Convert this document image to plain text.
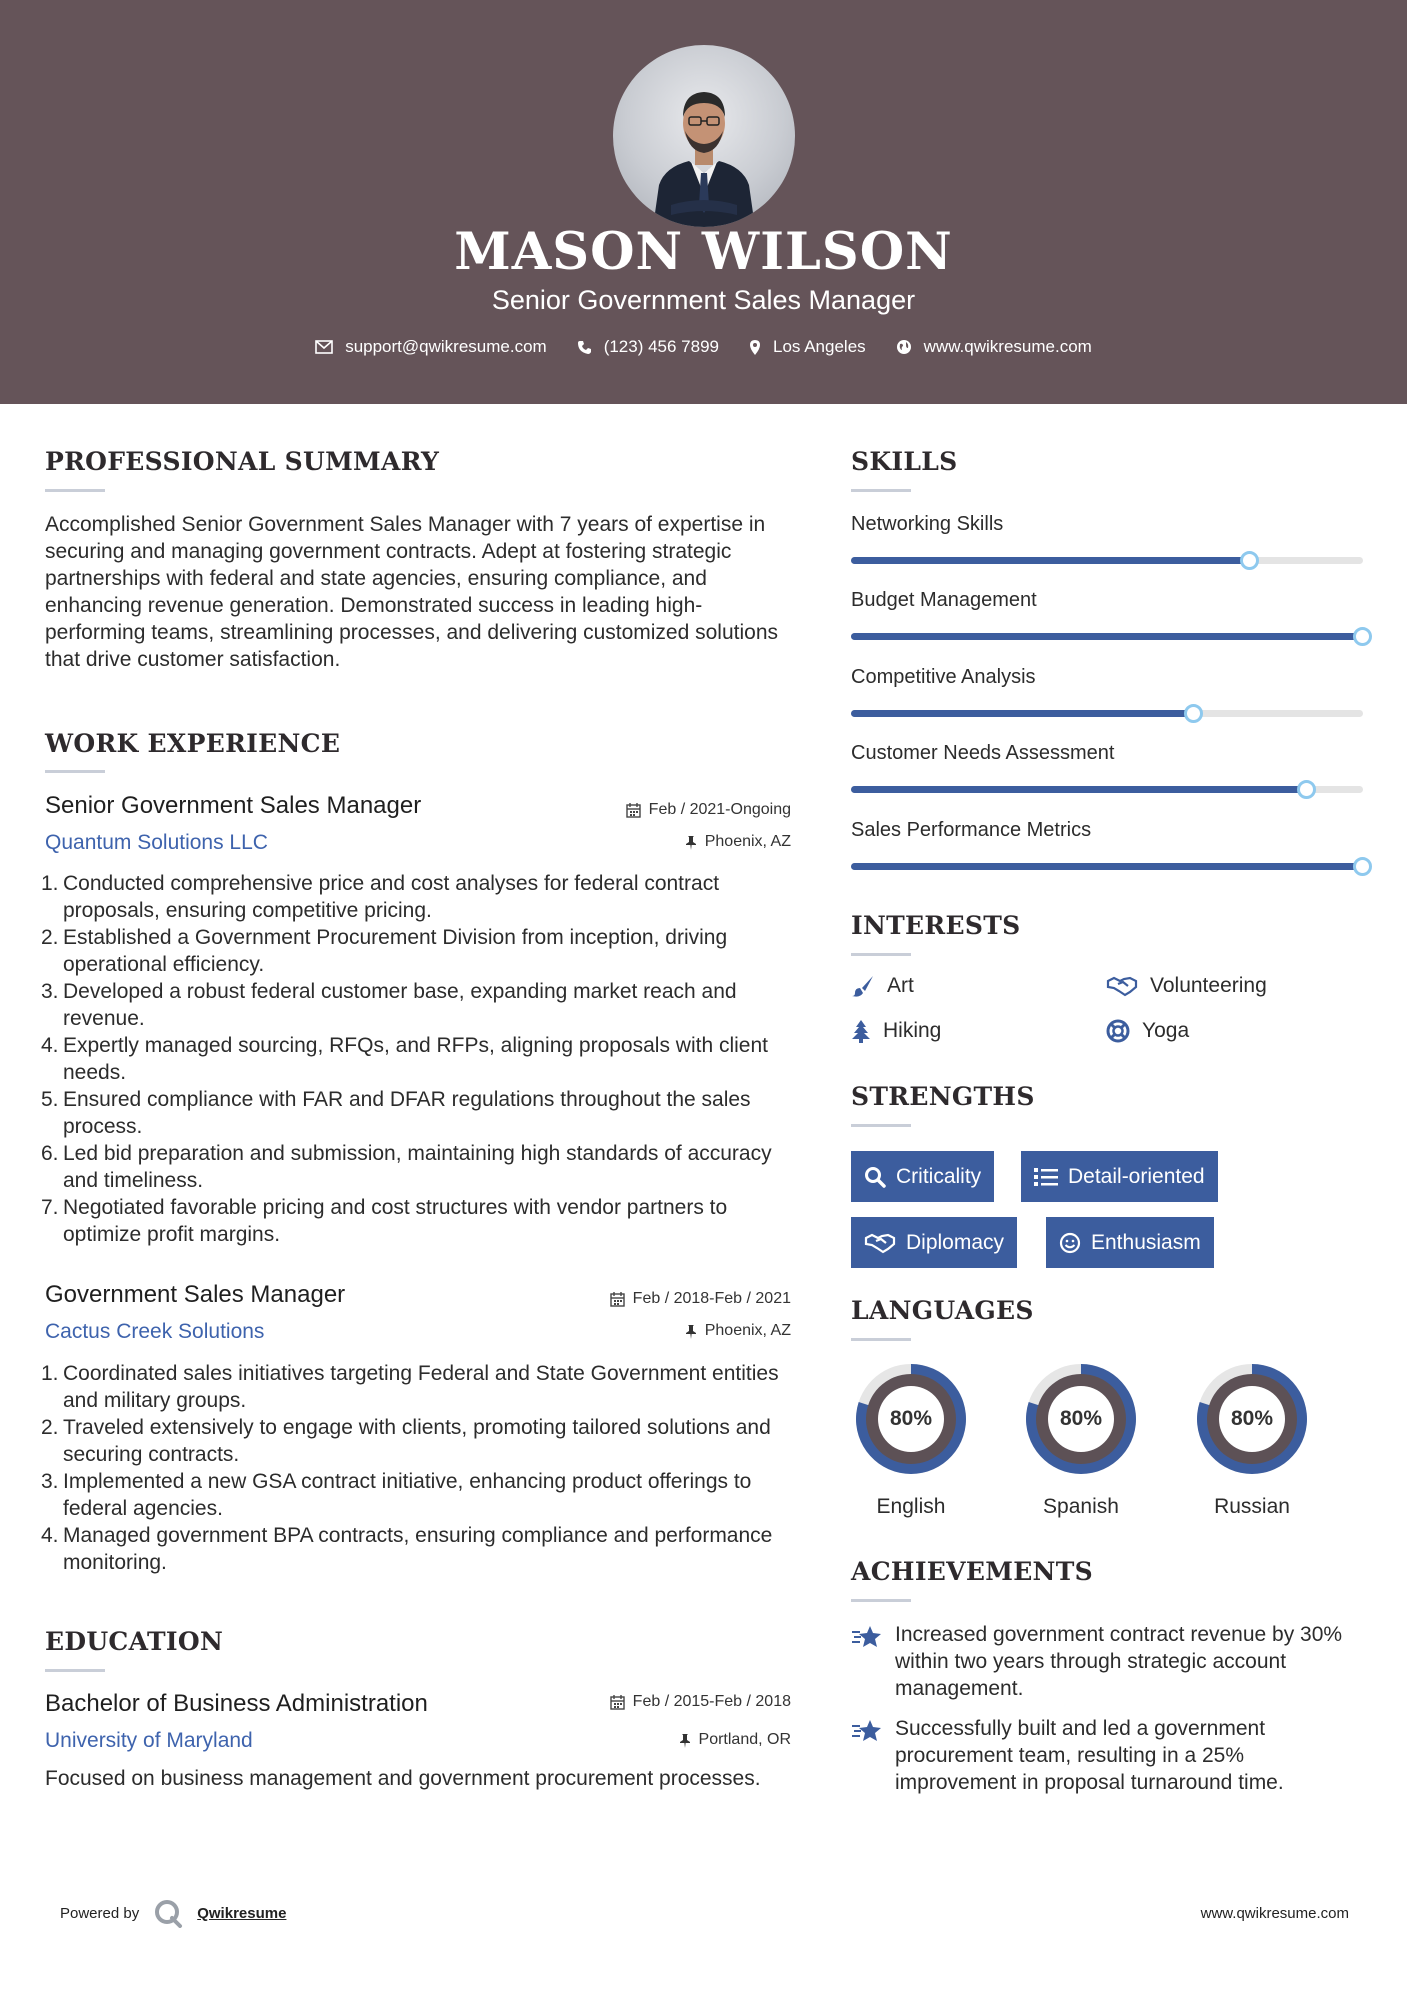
MASON WILSON
Senior Government Sales Manager
support@qwikresume.com	(123) 456 7899	Los Angeles	www.qwikresume.com
PROFESSIONAL SUMMARY
Accomplished Senior Government Sales Manager with 7 years of expertise in securing and managing government contracts. Adept at fostering strategic partnerships with federal and state agencies, ensuring compliance, and enhancing revenue generation. Demonstrated success in leading high-performing teams, streamlining processes, and delivering customized solutions that drive customer satisfaction.
WORK EXPERIENCE
Senior Government Sales Manager	Feb / 2021-Ongoing
Quantum Solutions LLC	Phoenix, AZ
1. Conducted comprehensive price and cost analyses for federal contract proposals, ensuring competitive pricing.
2. Established a Government Procurement Division from inception, driving operational efficiency.
3. Developed a robust federal customer base, expanding market reach and revenue.
4. Expertly managed sourcing, RFQs, and RFPs, aligning proposals with client needs.
5. Ensured compliance with FAR and DFAR regulations throughout the sales process.
6. Led bid preparation and submission, maintaining high standards of accuracy and timeliness.
7. Negotiated favorable pricing and cost structures with vendor partners to optimize profit margins.
Government Sales Manager	Feb / 2018-Feb / 2021
Cactus Creek Solutions	Phoenix, AZ
1. Coordinated sales initiatives targeting Federal and State Government entities and military groups.
2. Traveled extensively to engage with clients, promoting tailored solutions and securing contracts.
3. Implemented a new GSA contract initiative, enhancing product offerings to federal agencies.
4. Managed government BPA contracts, ensuring compliance and performance monitoring.
EDUCATION
Bachelor of Business Administration	Feb / 2015-Feb / 2018
University of Maryland	Portland, OR
Focused on business management and government procurement processes.
SKILLS
Networking Skills
Budget Management
Competitive Analysis
Customer Needs Assessment
Sales Performance Metrics
INTERESTS
Art	Volunteering
Hiking	Yoga
STRENGTHS
Criticality	Detail-oriented
Diplomacy	Enthusiasm
LANGUAGES
80%
English
80%
Spanish
80%
Russian
ACHIEVEMENTS
Increased government contract revenue by 30% within two years through strategic account management.
Successfully built and led a government procurement team, resulting in a 25% improvement in proposal turnaround time.
Powered by	Qwikresume	www.qwikresume.com
